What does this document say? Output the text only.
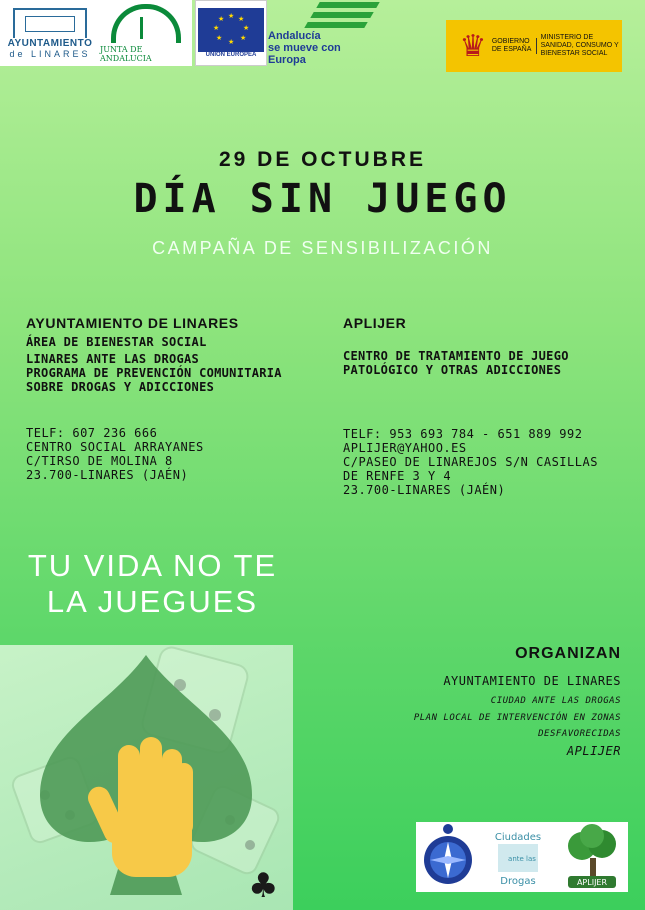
AYUNTAMIENTO
de LINARES JUNTA DE ANDALUCIA
★ ★
★
★
★
★
★
★
UNIÓN EUROPEA
Andalucía
se mueve con Europa	♛ GOBIERNO DE ESPAÑA
MINISTERIO DE SANIDAD, CONSUMO Y BIENESTAR SOCIAL
29 DE OCTUBRE
DÍA SIN JUEGO
CAMPAÑA DE SENSIBILIZACIÓN
AYUNTAMIENTO DE LINARES
ÁREA DE BIENESTAR SOCIAL
LINARES ANTE LAS DROGAS
PROGRAMA DE PREVENCIÓN COMUNITARIA
SOBRE DROGAS Y ADICCIONES
TELF: 607 236 666
CENTRO SOCIAL ARRAYANES
C/TIRSO DE MOLINA 8
23.700-LINARES (JAÉN)
APLIJER
CENTRO DE TRATAMIENTO DE JUEGO
PATOLÓGICO Y OTRAS ADICCIONES
TELF: 953 693 784 - 651 889 992
APLIJER@YAHOO.ES
C/PASEO DE LINAREJOS S/N CASILLAS
DE RENFE 3 Y 4
23.700-LINARES (JAÉN)
TU VIDA NO TE
LA JUEGUES
♣
ORGANIZAN
AYUNTAMIENTO DE LINARES
CIUDAD ANTE LAS DROGAS
PLAN LOCAL DE INTERVENCIÓN EN ZONAS
DESFAVORECIDAS
APLIJER
Ciudades
ante las
Drogas	APLIJER
